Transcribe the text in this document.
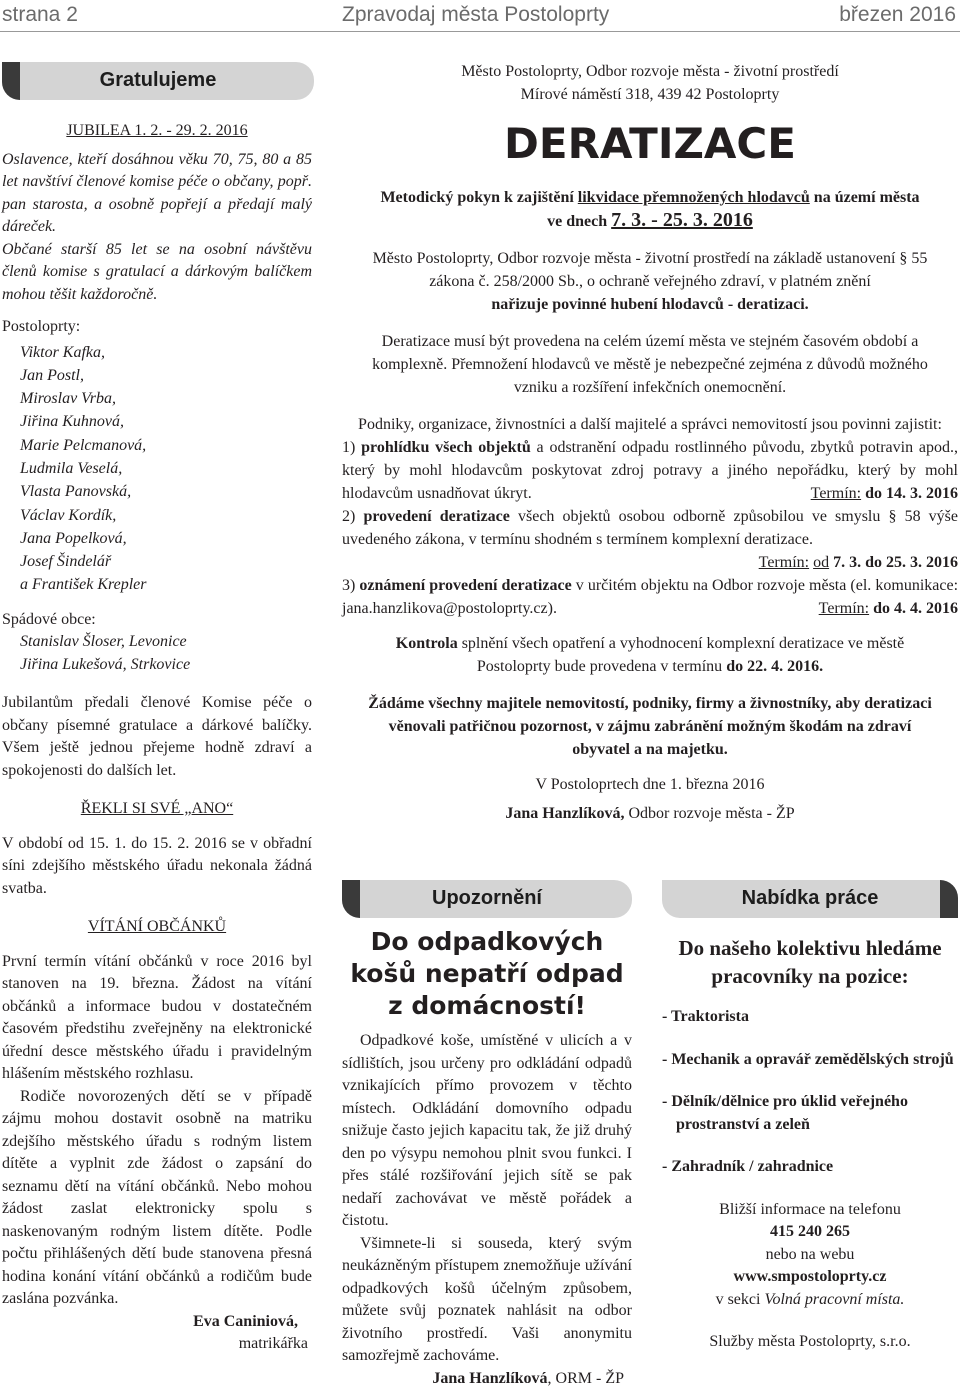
strana 2	Zpravodaj města Postoloprty	březen 2016
Gratulujeme

JUBILEA 1. 2. - 29. 2. 2016

Oslavence, kteří dosáhnou věku 70, 75, 80 a 85 let navštíví členové komise péče o občany, popř. pan starosta, a osobně popřejí a předají malý dáreček.

Občané starší 85 let se na osobní návštěvu členů komise s gratulací a dárkovým balíčkem mohou těšit každoročně.

Postoloprty:

Viktor Kafka,
Jan Postl,
Miroslav Vrba,
Jiřina Kuhnová,
Marie Pelcmanová,
Ludmila Veselá,
Vlasta Panovská,
Václav Kordík,
Jana Popelková,
Josef Šindelář
a František Krepler

Spádové obce:

Stanislav Šloser, Levonice
Jiřina Lukešová, Strkovice

Jubilantům předali členové Komise péče o občany písemné gratulace a dárkové balíčky. Všem ještě jednou přejeme hodně zdraví a spokojenosti do dalších let.

ŘEKLI SI SVÉ „ANO“

V období od 15. 1. do 15. 2. 2016 se v obřadní síni zdejšího městského úřadu nekonala žádná svatba.

VÍTÁNÍ OBČÁNKŮ

První termín vítání občánků v roce 2016 byl stanoven na 19. března. Žádost na vítání občánků a informace budou v dostatečném časovém předstihu zveřejněny na elektronické úřední desce městského úřadu i pravidelným hlášením městského rozhlasu.

Rodiče novorozených dětí se v případě zájmu mohou dostavit osobně na matriku zdejšího městského úřadu s rodným listem dítěte a vyplnit zde žádost o zapsání do seznamu dětí na vítání občánků. Nebo mohou žádost zaslat elektronicky spolu s naskenovaným rodným listem dítěte. Podle počtu přihlášených dětí bude stanovena přesná hodina konání vítání občánků a rodičům bude zaslána pozvánka.

Eva Caniniová,

matrikářka

Město Postoloprty, Odbor rozvoje města - životní prostředí

Mírové náměstí 318, 439 42 Postoloprty

DERATIZACE

Metodický pokyn k zajištění likvidace přemnožených hlodavců na území města
ve dnech 7. 3. - 25. 3. 2016

Město Postoloprty, Odbor rozvoje města - životní prostředí na základě ustanovení § 55 zákona č. 258/2000 Sb., o ochraně veřejného zdraví, v platném znění

nařizuje povinné hubení hlodavců - deratizaci.

Deratizace musí být provedena na celém území města ve stejném časovém období a komplexně. Přemnožení hlodavců ve městě je nebezpečné zejména z důvodů možného vzniku a rozšíření infekčních onemocnění.

Podniky, organizace, živnostníci a další majitelé a správci nemovitostí jsou povinni zajistit:

1) prohlídku všech objektů a odstranění odpadu rostlinného původu, zbytků potravin apod., který by mohl hlodavcům poskytovat zdroj potravy a jiného nepořádku, který by mohl hlodavcům usnadňovat úkryt.	Termín: do 14. 3. 2016

2) provedení deratizace všech objektů osobou odborně způsobilou ve smyslu § 58 výše uvedeného zákona, v termínu shodném s termínem komplexní deratizace.

Termín: od 7. 3. do 25. 3. 2016

3) oznámení provedení deratizace v určitém objektu na Odbor rozvoje města (el. komunikace: jana.hanzlikova@postoloprty.cz).	Termín: do 4. 4. 2016

Kontrola splnění všech opatření a vyhodnocení komplexní deratizace ve městě Postoloprty bude provedena v termínu do 22. 4. 2016.

Žádáme všechny majitele nemovitostí, podniky, firmy a živnostníky, aby deratizaci věnovali patřičnou pozornost, v zájmu zabránění možným škodám na zdraví obyvatel a na majetku.

V Postoloprtech dne 1. března 2016

Jana Hanzlíková, Odbor rozvoje města - ŽP

Upozornění

Do odpadkových košů nepatří odpad z domácností!

Odpadkové koše, umístěné v ulicích a v sídlištích, jsou určeny pro odkládání odpadů vznikajících přímo provozem v těchto místech. Odkládání domovního odpadu snižuje často jejich kapacitu tak, že již druhý den po výsypu nemohou plnit svou funkci. I přes stálé rozšiřování jejich sítě se pak nedaří zachovávat ve městě pořádek a čistotu.

Všimnete-li si souseda, který svým neukázněným přístupem znemožňuje užívání odpadkových košů účelným způsobem, můžete svůj poznatek nahlásit na odbor životního prostředí. Vaši anonymitu samozřejmě zachováme.

Jana Hanzlíková, ORM - ŽP

Nabídka práce

Do našeho kolektivu hledáme pracovníky na pozice:

- Traktorista
- Mechanik a opravář zemědělských strojů
- Dělník/dělnice pro úklid veřejného prostranství a zeleň
- Zahradník / zahradnice

Bližší informace na telefonu

415 240 265

nebo na webu

www.smpostoloprty.cz

v sekci Volná pracovní místa.

Služby města Postoloprty, s.r.o.
